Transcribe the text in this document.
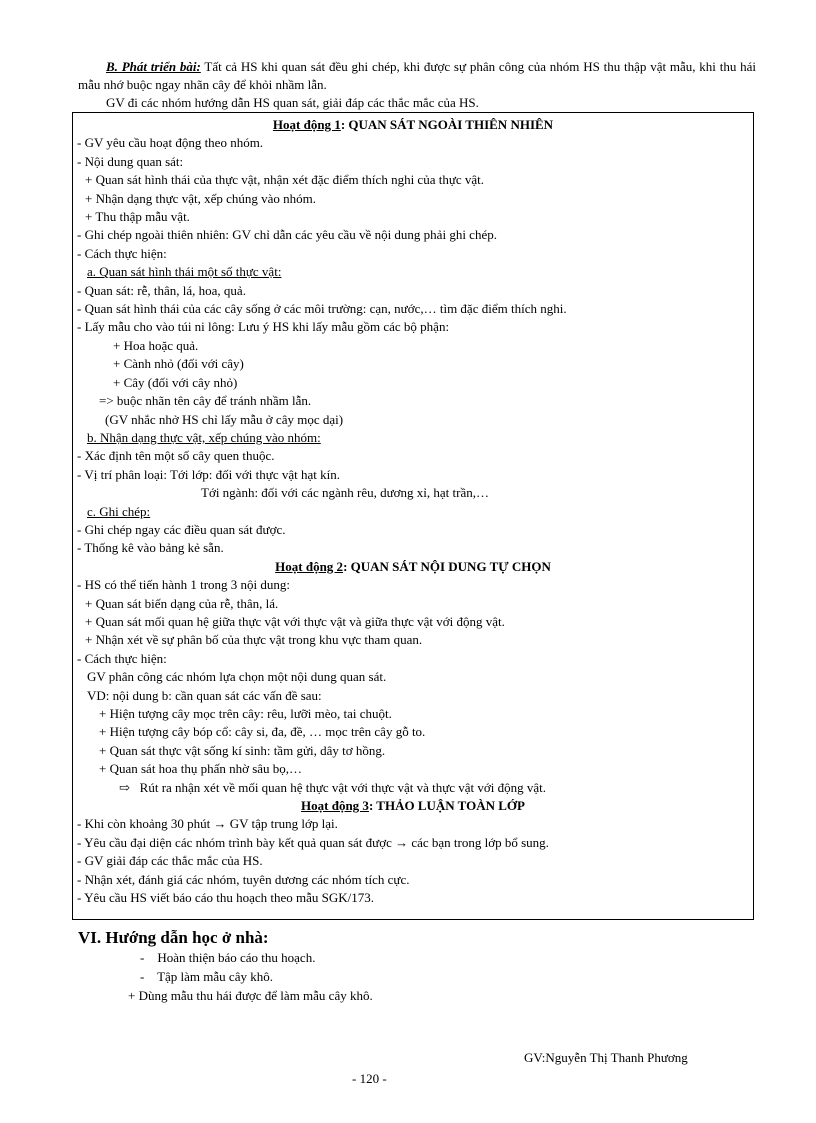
B. Phát triển bài: Tất cả HS khi quan sát đều ghi chép, khi được sự phân công của nhóm HS thu thập vật mẫu, khi thu hái mẫu nhớ buộc ngay nhãn cây để khỏi nhầm lẫn.

GV đi các nhóm hướng dẫn HS quan sát, giải đáp các thắc mắc của HS.

Hoạt động 1: QUAN SÁT NGOÀI THIÊN NHIÊN
- GV yêu cầu hoạt động theo nhóm.
- Nội dung quan sát:
+ Quan sát hình thái của thực vật, nhận xét đặc điểm thích nghi của thực vật.
+ Nhận dạng thực vật, xếp chúng vào nhóm.
+ Thu thập mẫu vật.
- Ghi chép ngoài thiên nhiên: GV chỉ dẫn các yêu cầu về nội dung phải ghi chép.
- Cách thực hiện:
a. Quan sát hình thái một số thực vật:
- Quan sát: rễ, thân, lá, hoa, quả.
- Quan sát hình thái của các cây sống ở các môi trường: cạn, nước,… tìm đặc điểm thích nghi.
- Lấy mẫu cho vào túi ni lông: Lưu ý HS khi lấy mẫu gồm các bộ phận:
+ Hoa hoặc quả.
+ Cành nhỏ (đối với cây)
+ Cây (đối với cây nhỏ)
=> buộc nhãn tên cây để tránh nhầm lẫn.
(GV nhắc nhở HS chỉ lấy mẫu ở cây mọc dại)
b. Nhận dạng thực vật, xếp chúng vào nhóm:
- Xác định tên một số cây quen thuộc.
- Vị trí phân loại: Tới lớp: đối với thực vật hạt kín.
Tới ngành: đối với các ngành rêu, dương xỉ, hạt trần,…
c. Ghi chép:
- Ghi chép ngay các điều quan sát được.
- Thống kê vào bảng kẻ sẵn.
Hoạt động 2: QUAN SÁT NỘI DUNG TỰ CHỌN
- HS có thể tiến hành 1 trong 3 nội dung:
+ Quan sát biến dạng của rễ, thân, lá.
+ Quan sát mối quan hệ giữa thực vật với thực vật và giữa thực vật với động vật.
+ Nhận xét về sự phân bố của thực vật trong khu vực tham quan.
- Cách thực hiện:
GV phân công các nhóm lựa chọn một nội dung quan sát.
VD: nội dung b: cần quan sát các vấn đề sau:
+ Hiện tượng cây mọc trên cây: rêu, lưỡi mèo, tai chuột.
+ Hiện tượng cây bóp cổ: cây si, đa, đề, … mọc trên cây gỗ to.
+ Quan sát thực vật sống kí sinh: tầm gửi, dây tơ hồng.
+ Quan sát hoa thụ phấn nhờ sâu bọ,…
⇨ Rút ra nhận xét về mối quan hệ thực vật với thực vật và thực vật với động vật.
Hoạt động 3: THẢO LUẬN TOÀN LỚP
- Khi còn khoảng 30 phút → GV tập trung lớp lại.
- Yêu cầu đại diện các nhóm trình bày kết quả quan sát được → các bạn trong lớp bổ sung.
- GV giải đáp các thắc mắc của HS.
- Nhận xét, đánh giá các nhóm, tuyên dương các nhóm tích cực.
- Yêu cầu HS viết báo cáo thu hoạch theo mẫu SGK/173.
VI. Hướng dẫn học ở nhà:
-    Hoàn thiện báo cáo thu hoạch.
-    Tập làm mẫu cây khô.
+ Dùng mẫu thu hái được để làm mẫu cây khô.
GV:Nguyễn Thị Thanh Phương
- 120 -
